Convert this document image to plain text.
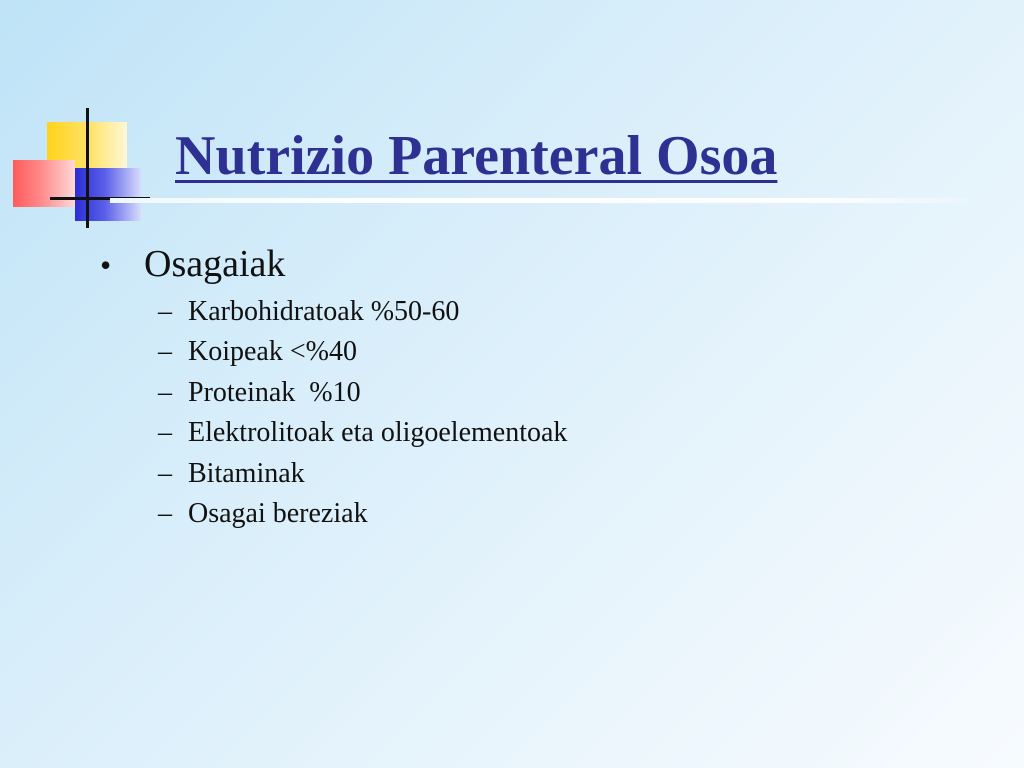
Nutrizio Parenteral Osoa
• Osagaiak
– Karbohidratoak %50-60
– Koipeak <%40
– Proteinak  %10
– Elektrolitoak eta oligoelementoak
– Bitaminak
– Osagai bereziak
